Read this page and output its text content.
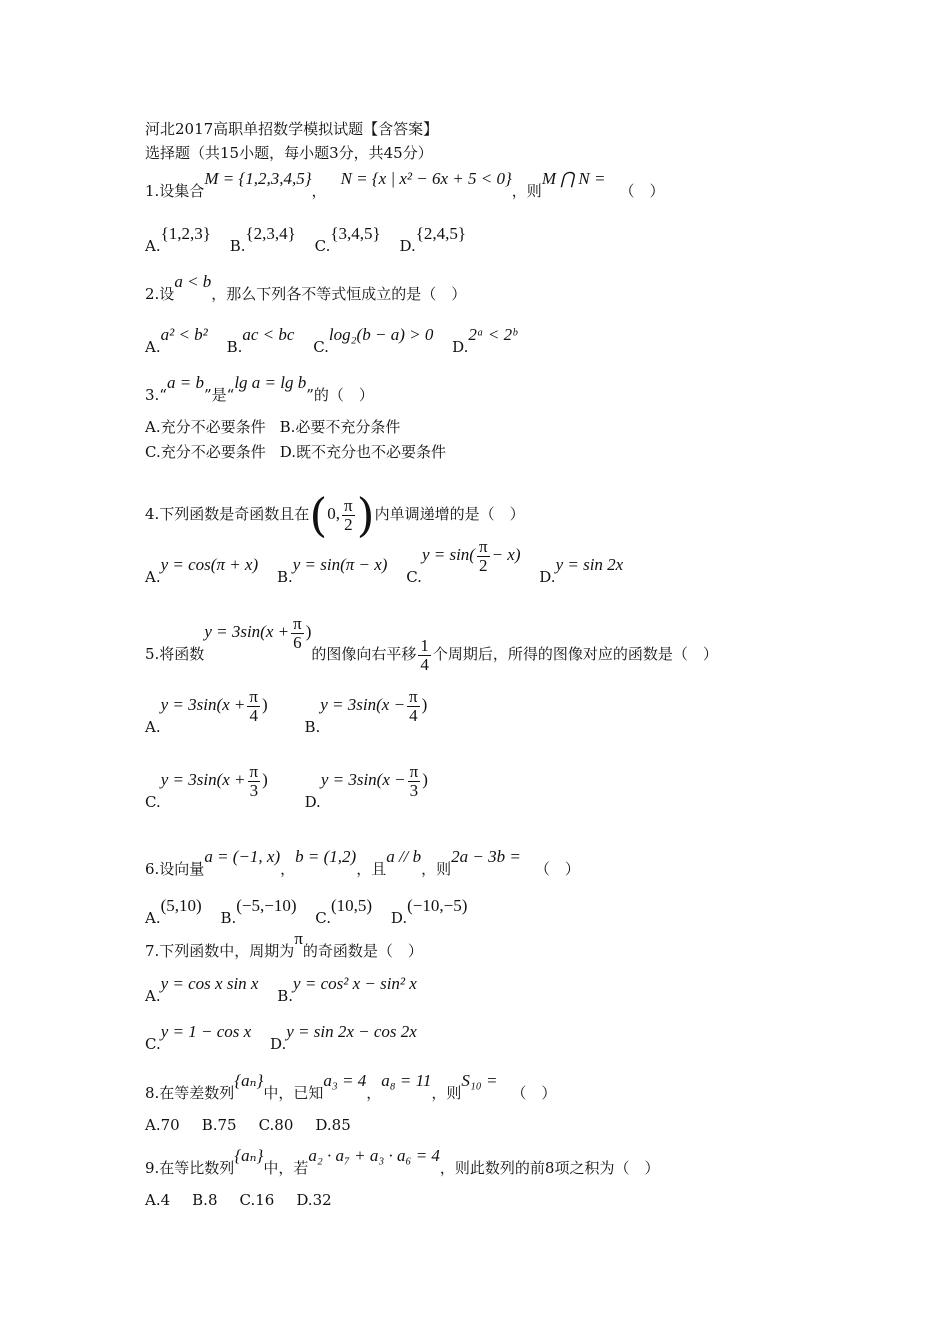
河北2017高职单招数学模拟试题【含答案】
选择题（共15小题，每小题3分，共45分）
1.设集合M = {1,2,3,4,5}，N = {x | x² − 6x + 5 < 0}，则M ⋂ N =（　）
A.{1,2,3} B.{2,3,4} C.{3,4,5} D.{2,4,5}
2.设a < b，那么下列各不等式恒成立的是（　）
A.a² < b² B.ac < bc C.log₂(b − a) > 0 D.2ᵃ < 2ᵇ
3.“a = b”是“lg a = lg b”的（　）
A.充分不必要条件 B.必要不充分条件
C.充分不必要条件 D.既不充分也不必要条件
4.下列函数是奇函数且在(0, $\frac{\pi}{2}$ )内单调递增的是（　）
A.y = cos(π + x) B.y = sin(π − x) $C.y = \sin( \frac{\pi}{2} - x)$ D.y = sin 2x
5.将函数$y = 3\sin(x + \frac{\pi}{6}$ )的图像向右平移 $\frac{1}{4}$ 个周期后，所得的图像对应的函数是（　）
$A.y = 3\sin(x + \frac{\pi}{4}$ ) $B.y = 3\sin(x - \frac{\pi}{4}$ )
$C.y = 3\sin(x + \frac{\pi}{3}$ ) $D.y = 3\sin(x - \frac{\pi}{3}$ )
6.设向量a = (−1, x)，b = (1,2)，且a // b，则2a − 3b =（　）
A.(5,10) B.(−5,−10) C.(10,5) D.(−10,−5)
7.下列函数中，周期为π的奇函数是（　）
A.y = cos x sin x B.y = cos² x − sin² x
C.y = 1 − cos x D.y = sin 2x − cos 2x
8.在等差数列{aₙ}中，已知a₃ = 4，a₈ = 11，则S₁₀ =（　）
A.70 B.75 C.80 D.85
9.在等比数列{aₙ}中，若a₂ · a₇ + a₃ · a₆ = 4，则此数列的前8项之积为（　）
A.4 B.8 C.16 D.32
